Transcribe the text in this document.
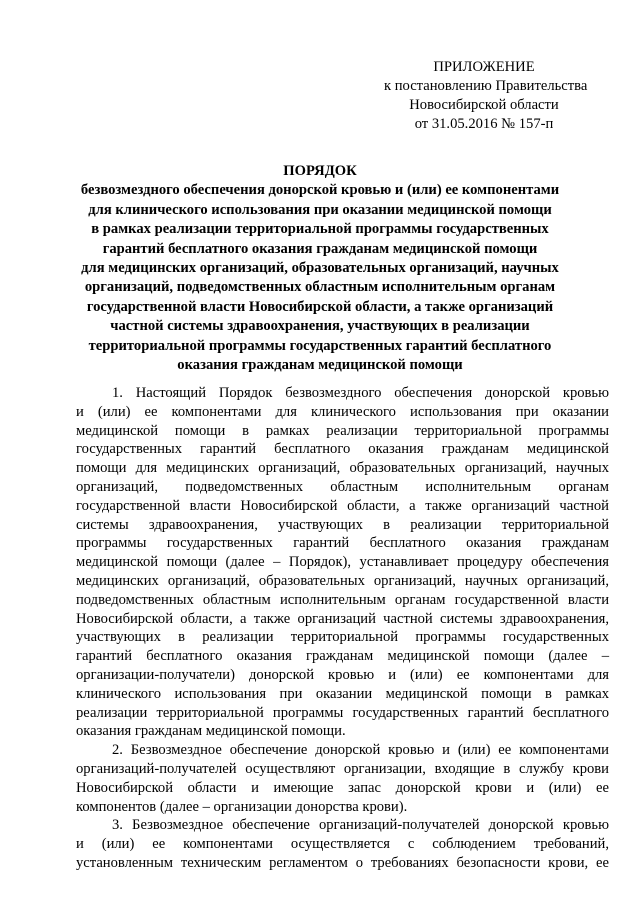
ПРИЛОЖЕНИЕ
к постановлению Правительства
Новосибирской области
от 31.05.2016 № 157-п
ПОРЯДОК
безвозмездного обеспечения донорской кровью и (или) ее компонентами
для клинического использования при оказании медицинской помощи
в рамках реализации территориальной программы государственных
гарантий бесплатного оказания гражданам медицинской помощи
для медицинских организаций, образовательных организаций, научных
организаций, подведомственных областным исполнительным органам
государственной власти Новосибирской области, а также организаций
частной системы здравоохранения, участвующих в реализации
территориальной программы государственных гарантий бесплатного
оказания гражданам медицинской помощи
1. Настоящий Порядок безвозмездного обеспечения донорской кровью
и (или) ее компонентами для клинического использования при оказании
медицинской помощи в рамках реализации территориальной программы
государственных гарантий бесплатного оказания гражданам медицинской
помощи для медицинских организаций, образовательных организаций, научных
организаций, подведомственных областным исполнительным органам
государственной власти Новосибирской области, а также организаций частной
системы здравоохранения, участвующих в реализации территориальной
программы государственных гарантий бесплатного оказания гражданам
медицинской помощи (далее – Порядок), устанавливает процедуру обеспечения
медицинских организаций, образовательных организаций, научных организаций,
подведомственных областным исполнительным органам государственной власти
Новосибирской области, а также организаций частной системы здравоохранения,
участвующих в реализации территориальной программы государственных
гарантий бесплатного оказания гражданам медицинской помощи (далее –
организации-получатели) донорской кровью и (или) ее компонентами для
клинического использования при оказании медицинской помощи в рамках
реализации территориальной программы государственных гарантий бесплатного
оказания гражданам медицинской помощи.
2. Безвозмездное обеспечение донорской кровью и (или) ее компонентами
организаций-получателей осуществляют организации, входящие в службу крови
Новосибирской области и имеющие запас донорской крови и (или) ее
компонентов (далее – организации донорства крови).
3. Безвозмездное обеспечение организаций-получателей донорской кровью
и (или) ее компонентами осуществляется с соблюдением требований,
установленным техническим регламентом о требованиях безопасности крови, ее
